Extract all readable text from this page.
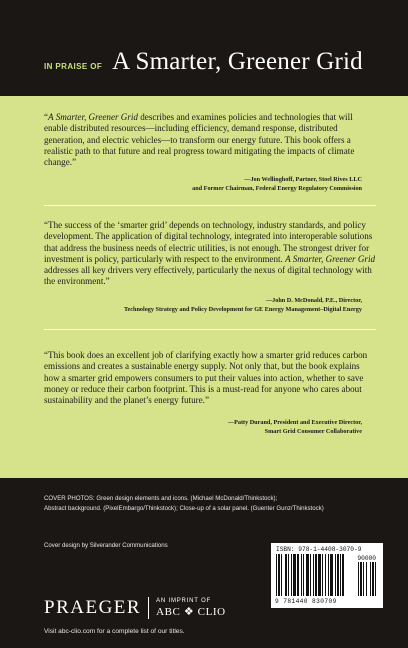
IN PRAISE OF A Smarter, Greener Grid

“A Smarter, Greener Grid describes and examines policies and technologies that will enable distributed resources—including efficiency, demand response, distributed generation, and electric vehicles—to transform our energy future. This book offers a realistic path to that future and real progress toward mitigating the impacts of climate change.”

—Jon Wellinghoff, Partner, Stoel Rives LLC
and Former Chairman, Federal Energy Regulatory Commission

“The success of the ‘smarter grid’ depends on technology, industry standards, and policy development. The application of digital technology, integrated into interoperable solutions that address the business needs of electric utilities, is not enough. The strongest driver for investment is policy, particularly with respect to the environment. A Smarter, Greener Grid addresses all key drivers very effectively, particularly the nexus of digital technology with the environment.”

—John D. McDonald, P.E., Director,
Technology Strategy and Policy Development for GE Energy Management–Digital Energy

“This book does an excellent job of clarifying exactly how a smarter grid reduces carbon emissions and creates a sustainable energy supply. Not only that, but the book explains how a smarter grid empowers consumers to put their values into action, whether to save money or reduce their carbon footprint. This is a must-read for anyone who cares about sustainability and the planet’s energy future.”

—Patty Durand, President and Executive Director,
Smart Grid Consumer Collaborative
COVER PHOTOS: Green design elements and icons. (Michael McDonald/Thinkstock);
Abstract background. (PixelEmbargo/Thinkstock); Close-up of a solar panel. (Guenter Gunz/Thinkstock)
Cover design by Silverander Communications
ISBN: 978-1-4408-3070-9
90000
9 781440 830709
PRAEGER	AN IMPRINT OF
ABC ❖ CLIO
Visit abc-clio.com for a complete list of our titles.
